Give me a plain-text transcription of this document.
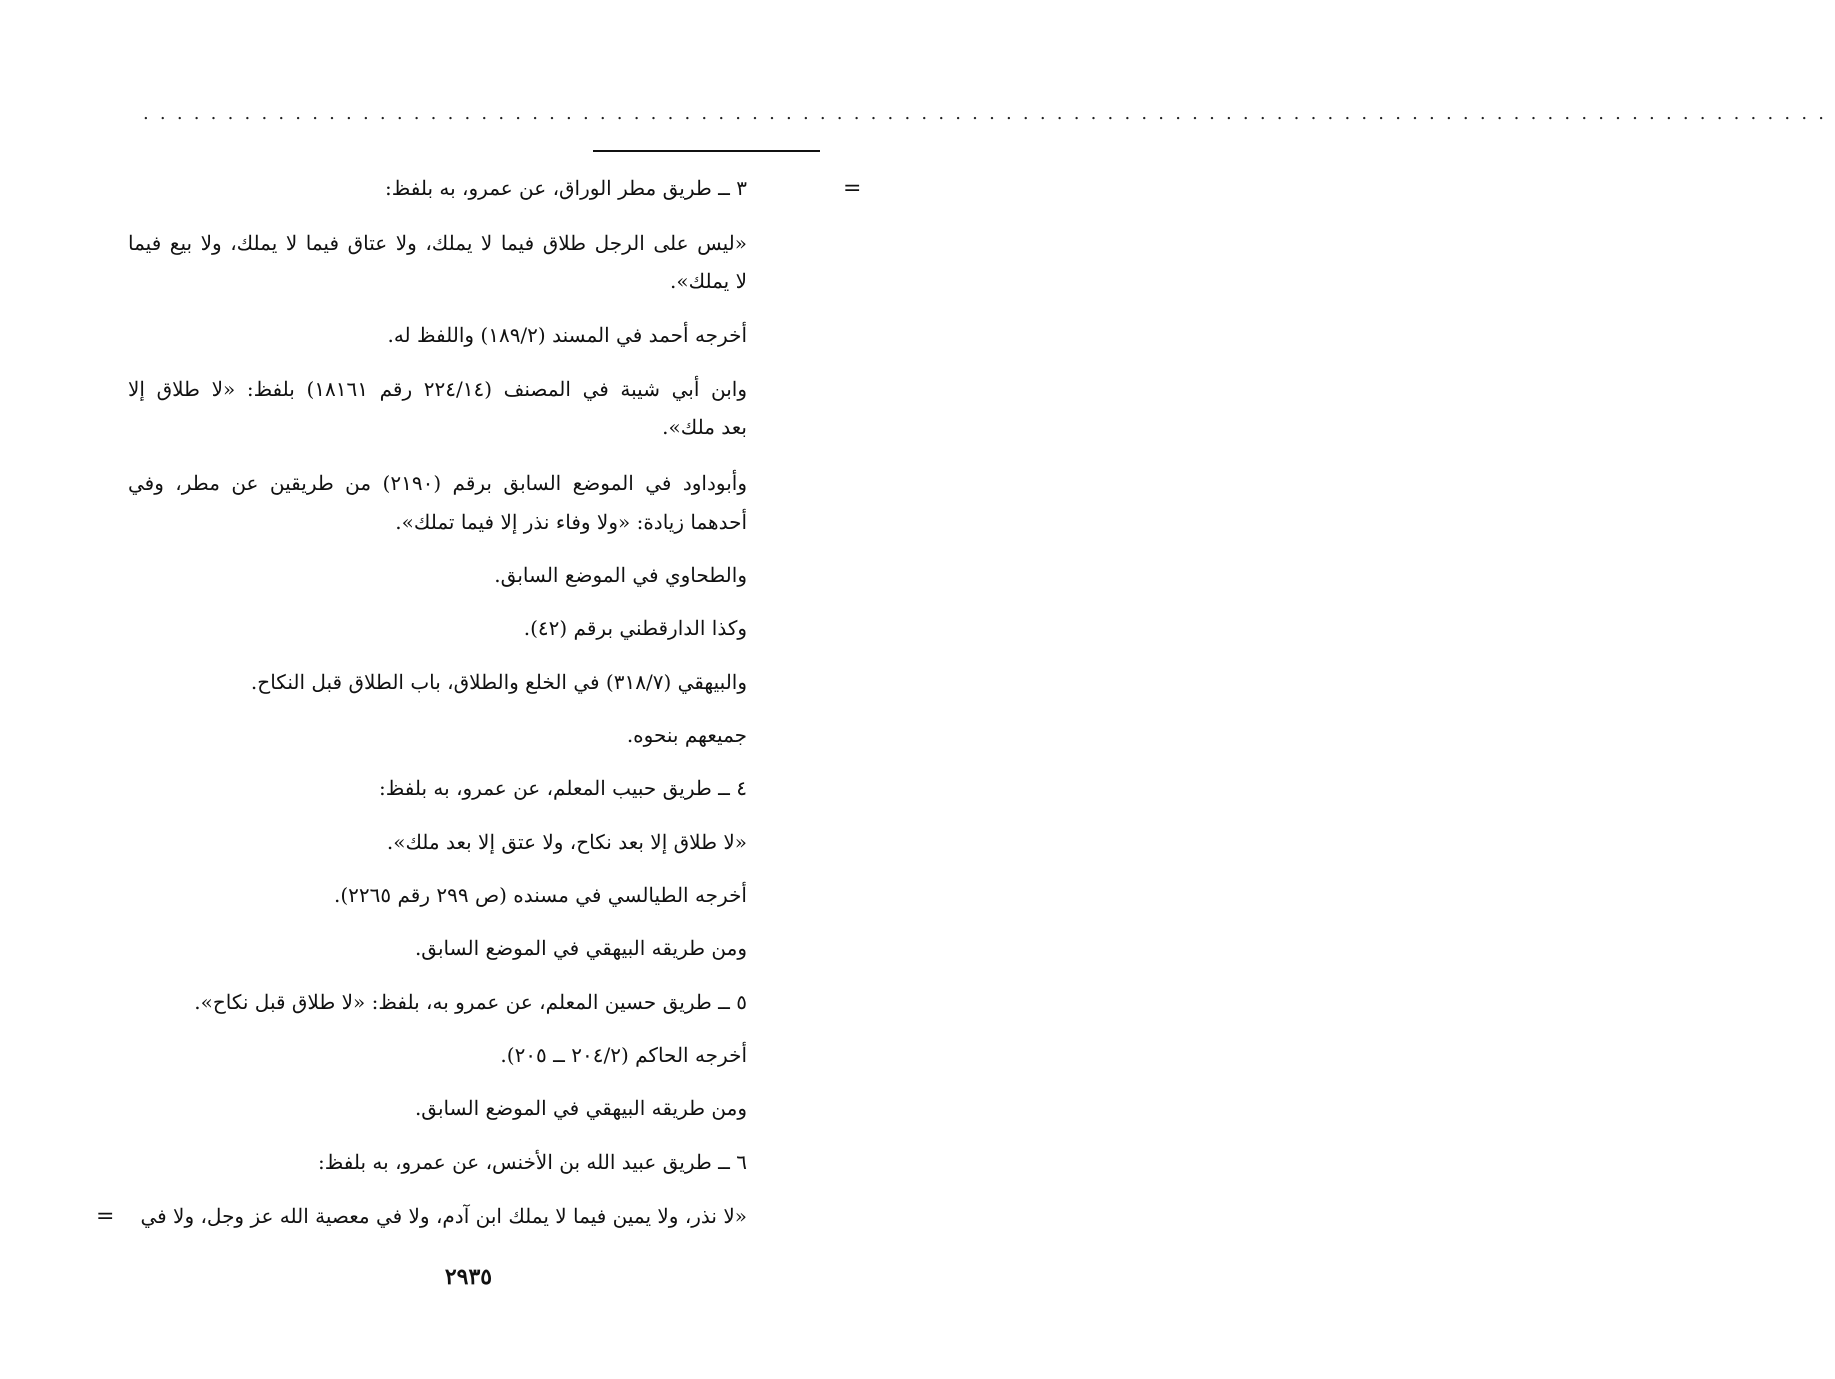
....................................................................................................
=
٣ ــ طريق مطر الوراق، عن عمرو، به بلفظ:
«ليس على الرجل طلاق فيما لا يملك، ولا عتاق فيما لا يملك، ولا بيع فيما
لا يملك».
أخرجه أحمد في المسند (١٨٩/٢) واللفظ له.
وابن أبي شيبة في المصنف (٢٢٤/١٤ رقم ١٨١٦١) بلفظ: «لا طلاق إلا
بعد ملك».
وأبوداود في الموضع السابق برقم (٢١٩٠) من طريقين عن مطر، وفي
أحدهما زيادة: «ولا وفاء نذر إلا فيما تملك».
والطحاوي في الموضع السابق.
وكذا الدارقطني برقم (٤٢).
والبيهقي (٣١٨/٧) في الخلع والطلاق، باب الطلاق قبل النكاح.
جميعهم بنحوه.
٤ ــ طريق حبيب المعلم، عن عمرو، به بلفظ:
«لا طلاق إلا بعد نكاح، ولا عتق إلا بعد ملك».
أخرجه الطيالسي في مسنده (ص ٢٩٩ رقم ٢٢٦٥).
ومن طريقه البيهقي في الموضع السابق.
٥ ــ طريق حسين المعلم، عن عمرو به، بلفظ: «لا طلاق قبل نكاح».
أخرجه الحاكم (٢٠٤/٢ ــ ٢٠٥).
ومن طريقه البيهقي في الموضع السابق.
٦ ــ طريق عبيد الله بن الأخنس، عن عمرو، به بلفظ:
«لا نذر، ولا يمين فيما لا يملك ابن آدم، ولا في معصية الله عز وجل، ولا في
=
٢٩٣٥
